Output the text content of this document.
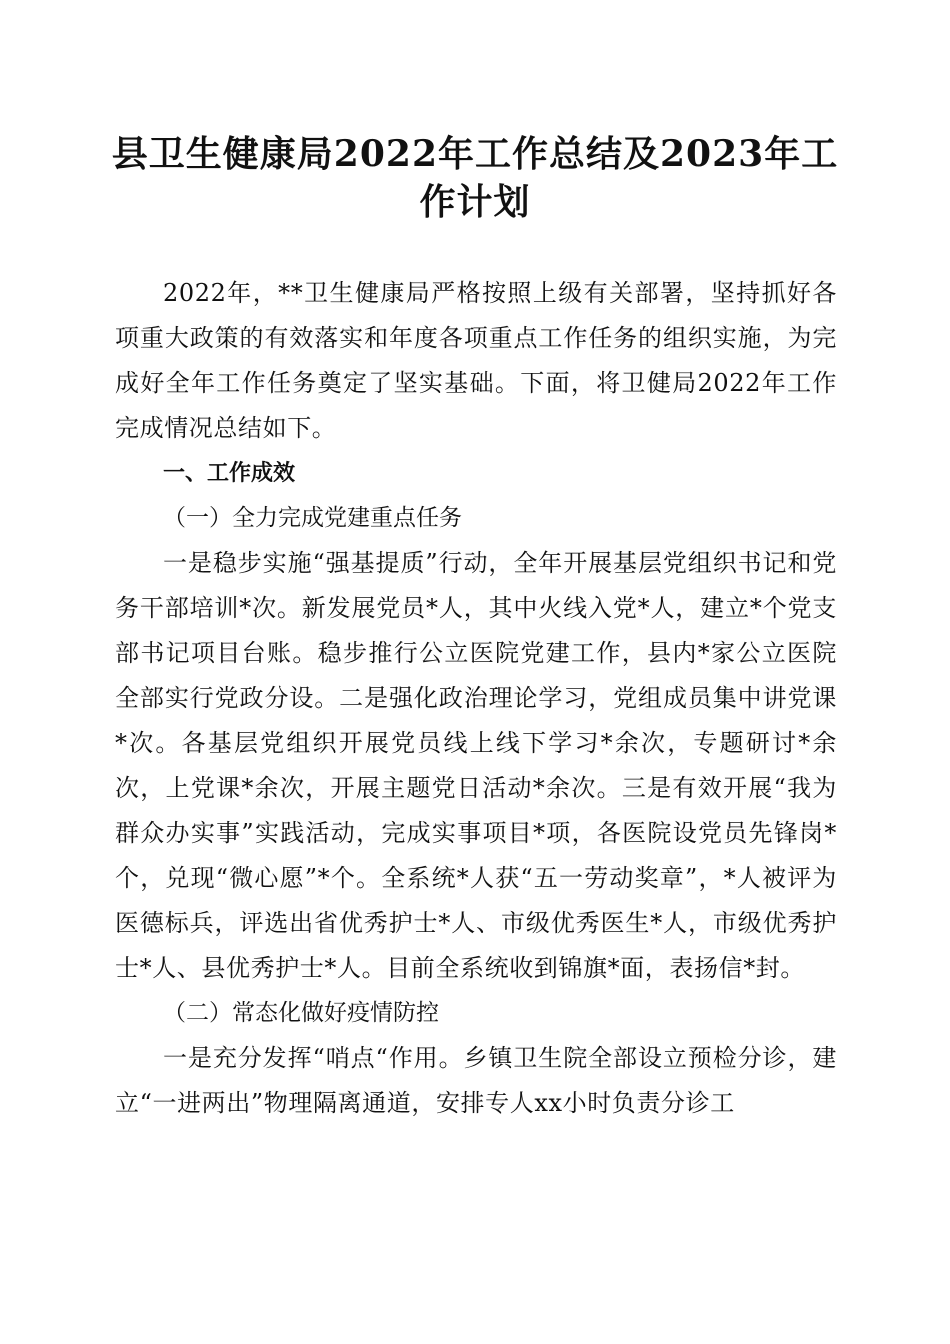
县卫生健康局2022年工作总结及2023年工作计划

2022年，**卫生健康局严格按照上级有关部署，坚持抓好各项重大政策的有效落实和年度各项重点工作任务的组织实施，为完成好全年工作任务奠定了坚实基础。下面，将卫健局2022年工作完成情况总结如下。

一、工作成效

（一）全力完成党建重点任务

一是稳步实施“强基提质”行动，全年开展基层党组织书记和党务干部培训*次。新发展党员*人，其中火线入党*人，建立*个党支部书记项目台账。稳步推行公立医院党建工作，县内*家公立医院全部实行党政分设。二是强化政治理论学习，党组成员集中讲党课*次。各基层党组织开展党员线上线下学习*余次，专题研讨*余次，上党课*余次，开展主题党日活动*余次。三是有效开展“我为群众办实事”实践活动，完成实事项目*项，各医院设党员先锋岗*个，兑现“微心愿”*个。全系统*人获“五一劳动奖章”，*人被评为医德标兵，评选出省优秀护士*人、市级优秀医生*人，市级优秀护士*人、县优秀护士*人。目前全系统收到锦旗*面，表扬信*封。

（二）常态化做好疫情防控

一是充分发挥“哨点“作用。乡镇卫生院全部设立预检分诊，建立“一进两出”物理隔离通道，安排专人xx小时负责分诊工
